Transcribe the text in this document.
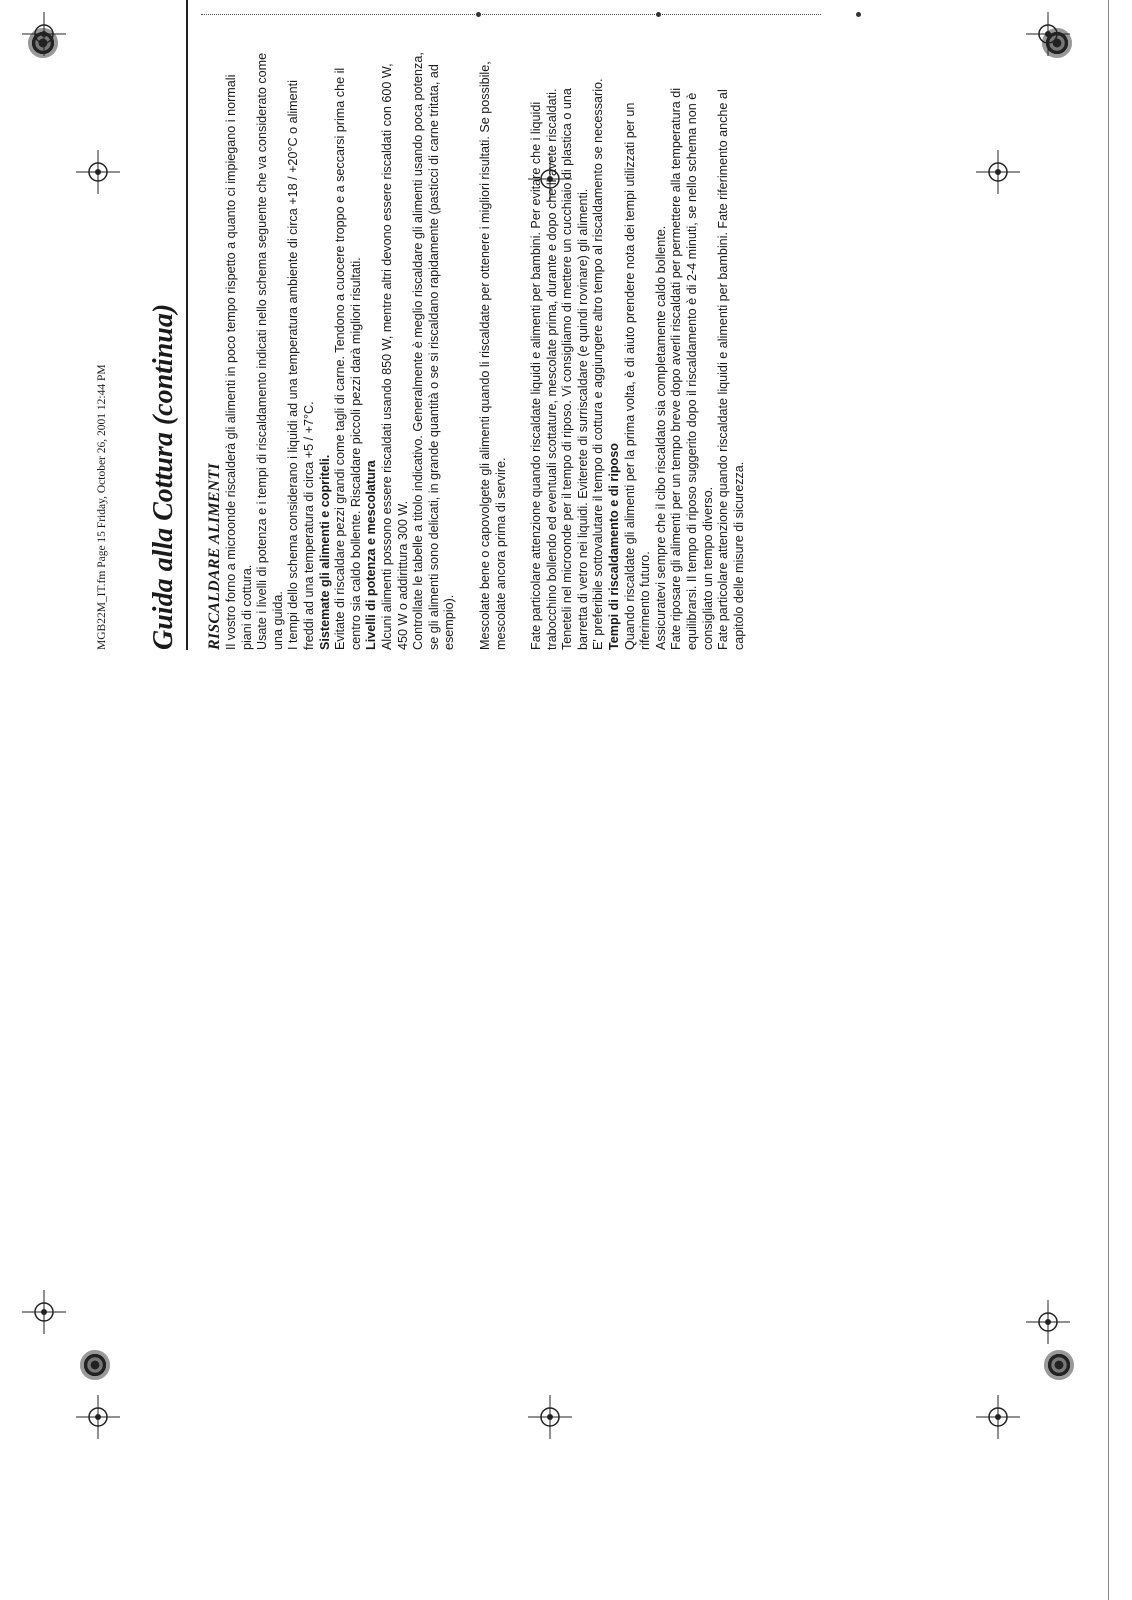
MGB22M_IT.fm Page 15 Friday, October 26, 2001 12:44 PM Guida alla Cottura (continua) RISCALDARE ALIMENTI Il vostro forno a microonde riscalderà gli alimenti in poco tempo rispetto a quanto ci impiegano i normali piani di cottura. Usate i livelli di potenza e i tempi di riscaldamento indicati nello schema seguente che va considerato come una guida. I tempi dello schema considerano i liquidi ad una temperatura ambiente di circa +18 / +20°C o alimenti freddi ad una temperatura di circa +5 / +7°C. Sistemate gli alimenti e copriteli. Evitate di riscaldare pezzi grandi come tagli di carne. Tendono a cuocere troppo e a seccarsi prima che il centro sia caldo bollente. Riscaldare piccoli pezzi darà migliori risultati. Livelli di potenza e mescolatura Alcuni alimenti possono essere riscaldati usando 850 W, mentre altri devono essere riscaldati con 600 W, 450 W o addirittura 300 W. Controllate le tabelle a titolo indicativo. Generalmente è meglio riscaldare gli alimenti usando poca potenza, se gli alimenti sono delicati, in grande quantità o se si riscaldano rapidamente (pasticci di carne tritata, ad esempio). Mescolate bene o capovolgete gli alimenti quando li riscaldate per ottenere i migliori risultati. Se possibile, mescolate ancora prima di servire. Fate particolare attenzione quando riscaldate liquidi e alimenti per bambini. Per evitare che i liquidi trabocchino bollendo ed eventuali scottature, mescolate prima, durante e dopo che li avete riscaldati. Teneteli nel microonde per il tempo di riposo. Vi consigliamo di mettere un cucchiaio di plastica o una barretta di vetro nei liquidi. Eviterete di surriscaldare (e quindi rovinare) gli alimenti. E' preferibile sottovalutare il tempo di cottura e aggiungere altro tempo al riscaldamento se necessario. Tempi di riscaldamento e di riposo Quando riscaldate gli alimenti per la prima volta, è di aiuto prendere nota dei tempi utilizzati per un riferimento futuro. Assicuratevi sempre che il cibo riscaldato sia completamente caldo bollente. Fate riposare gli alimenti per un tempo breve dopo averli riscaldati per permettere alla temperatura di equilibrarsi. Il tempo di riposo suggerito dopo il riscaldamento è di 2-4 minuti, se nello schema non è consigliato un tempo diverso. Fate particolare attenzione quando riscaldate liquidi e alimenti per bambini. Fate riferimento anche al capitolo delle misure di sicurezza.
